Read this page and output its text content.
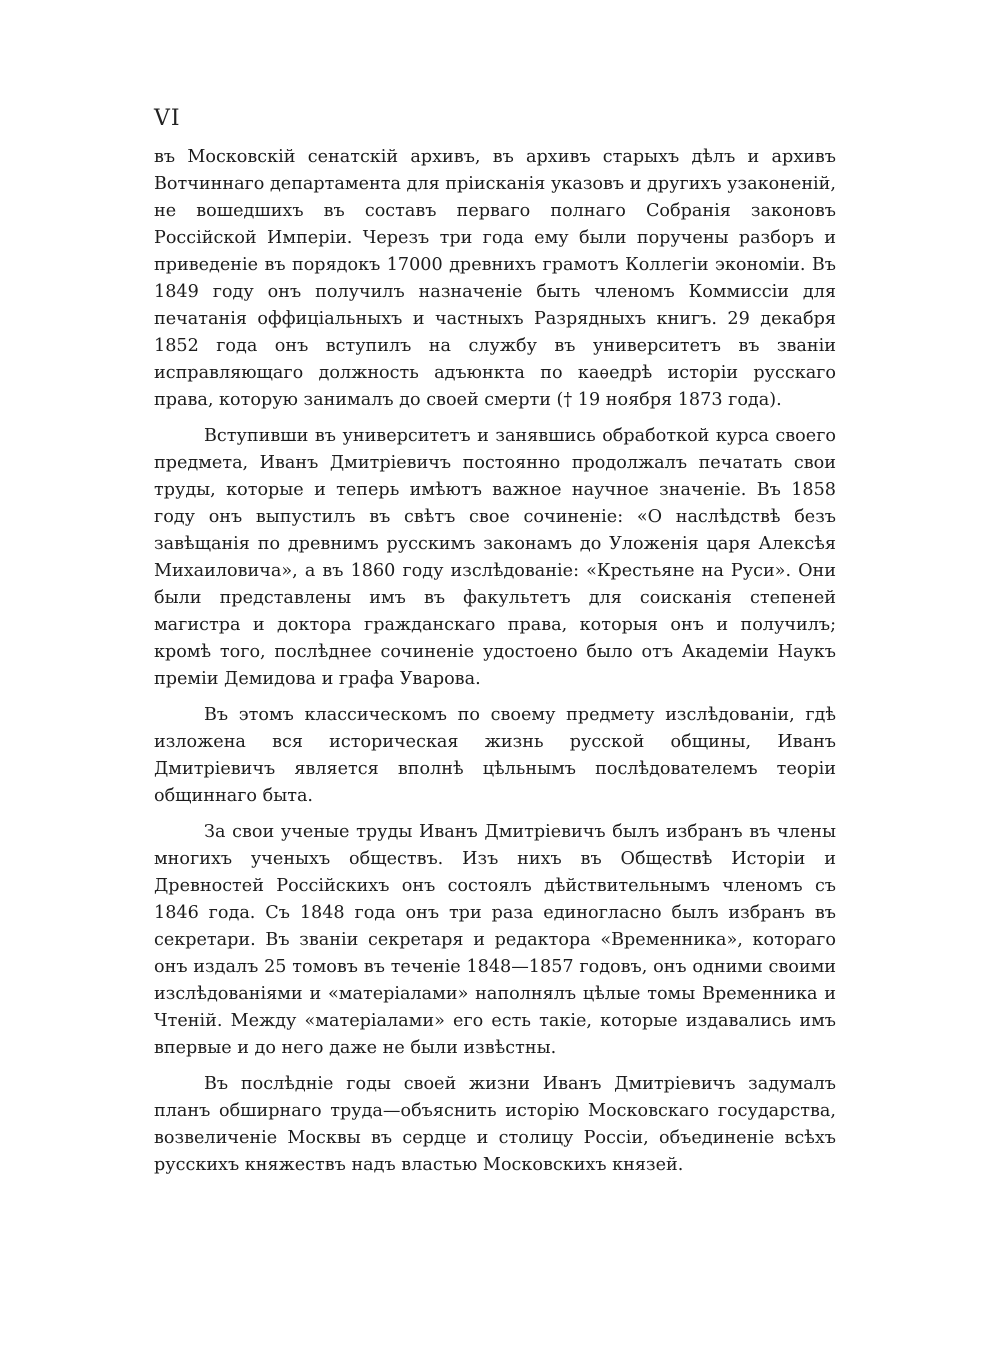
VI

въ Московскій сенатскій архивъ, въ архивъ старыхъ дѣлъ и архивъ Вотчиннаго департамента для пріисканія указовъ и другихъ узаконеній, не вошедшихъ въ составъ перваго полнаго Собранія законовъ Россійской Имперіи. Черезъ три года ему были поручены разборъ и приведеніе въ порядокъ 17000 древнихъ грамотъ Коллегіи экономіи. Въ 1849 году онъ получилъ назначеніе быть членомъ Коммиссіи для печатанія оффиціальныхъ и частныхъ Разрядныхъ книгъ. 29 декабря 1852 года онъ вступилъ на службу въ университетъ въ званіи исправляющаго должность адъюнкта по каѳедрѣ исторіи русскаго права, которую занималъ до своей смерти († 19 ноября 1873 года).

Вступивши въ университетъ и занявшись обработкой курса своего предмета, Иванъ Дмитріевичъ постоянно продолжалъ печатать свои труды, которые и теперь имѣютъ важное научное значеніе. Въ 1858 году онъ выпустилъ въ свѣтъ свое сочиненіе: «О наслѣдствѣ безъ завѣщанія по древнимъ русскимъ законамъ до Уложенія царя Алексѣя Михаиловича», а въ 1860 году изслѣдованіе: «Крестьяне на Руси». Они были представлены имъ въ факультетъ для соисканія степеней магистра и доктора гражданскаго права, которыя онъ и получилъ; кромѣ того, послѣднее сочиненіе удостоено было отъ Академіи Наукъ преміи Демидова и графа Уварова.

Въ этомъ классическомъ по своему предмету изслѣдованіи, гдѣ изложена вся историческая жизнь русской общины, Иванъ Дмитріевичъ является вполнѣ цѣльнымъ послѣдователемъ теоріи общиннаго быта.

За свои ученые труды Иванъ Дмитріевичъ былъ избранъ въ члены многихъ ученыхъ обществъ. Изъ нихъ въ Обществѣ Исторіи и Древностей Россійскихъ онъ состоялъ дѣйствительнымъ членомъ съ 1846 года. Съ 1848 года онъ три раза единогласно былъ избранъ въ секретари. Въ званіи секретаря и редактора «Временника», котораго онъ издалъ 25 томовъ въ теченіе 1848—1857 годовъ, онъ одними своими изслѣдованіями и «матеріалами» наполнялъ цѣлые томы Временника и Чтеній. Между «матеріалами» его есть такіе, которые издавались имъ впервые и до него даже не были извѣстны.

Въ послѣдніе годы своей жизни Иванъ Дмитріевичъ задумалъ планъ обширнаго труда—объяснить исторію Московскаго государства, возвеличеніе Москвы въ сердце и столицу Россіи, объединеніе всѣхъ русскихъ княжествъ надъ властью Московскихъ князей.
